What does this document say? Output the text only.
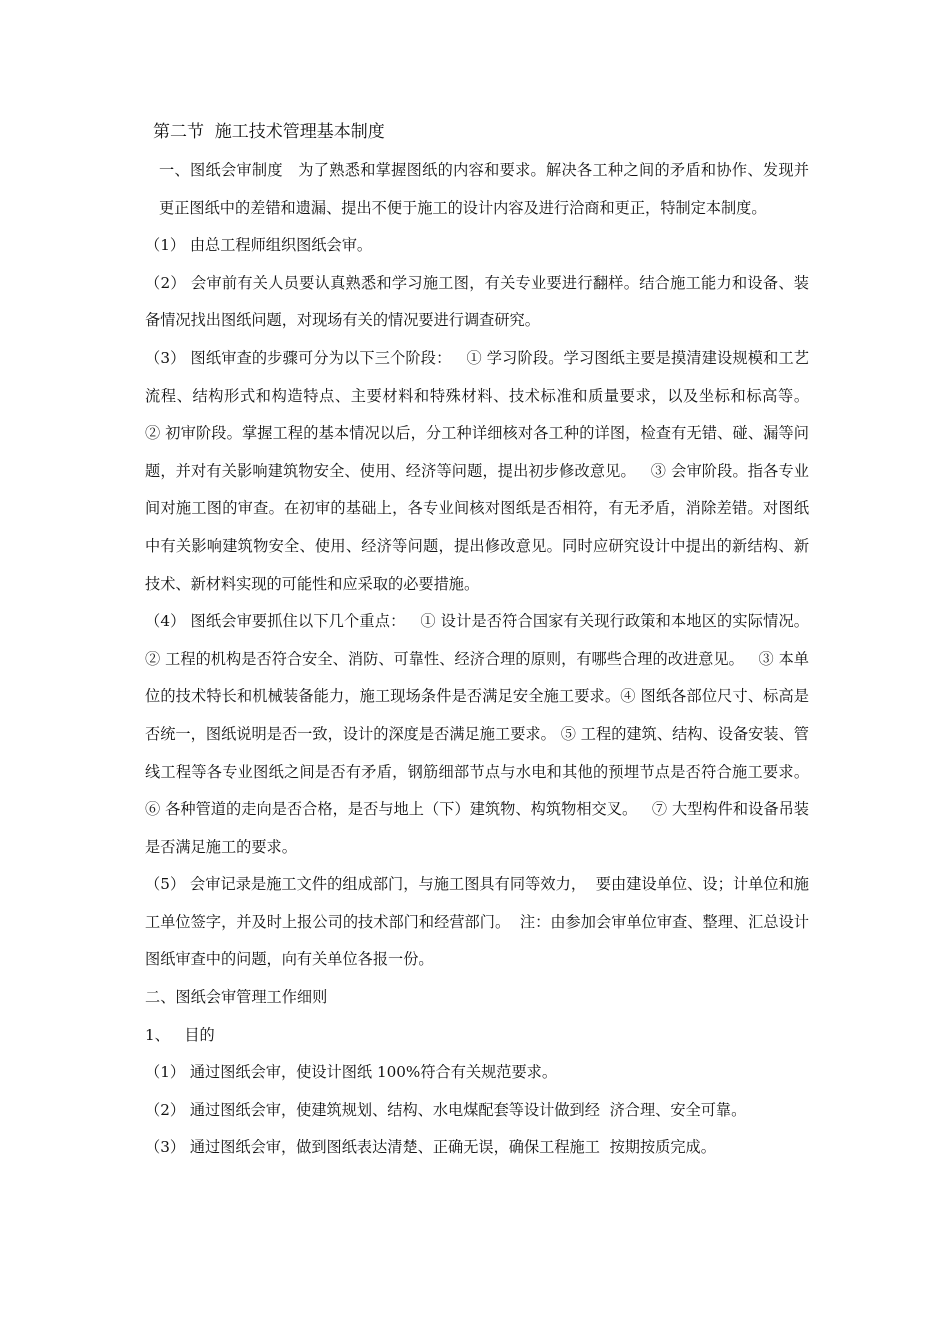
第二节  施工技术管理基本制度

一、图纸会审制度   为了熟悉和掌握图纸的内容和要求。解决各工种之间的矛盾和协作、发现并更正图纸中的差错和遗漏、提出不便于施工的设计内容及进行洽商和更正，特制定本制度。

（1） 由总工程师组织图纸会审。

（2） 会审前有关人员要认真熟悉和学习施工图，有关专业要进行翻样。结合施工能力和设备、装备情况找出图纸问题，对现场有关的情况要进行调查研究。

（3） 图纸审查的步骤可分为以下三个阶段：   ① 学习阶段。学习图纸主要是摸清建设规模和工艺流程、结构形式和构造特点、主要材料和特殊材料、技术标准和质量要求，以及坐标和标高等。   ② 初审阶段。掌握工程的基本情况以后，分工种详细核对各工种的详图，检查有无错、碰、漏等问题，并对有关影响建筑物安全、使用、经济等问题，提出初步修改意见。   ③ 会审阶段。指各专业间对施工图的审查。在初审的基础上，各专业间核对图纸是否相符，有无矛盾，消除差错。对图纸中有关影响建筑物安全、使用、经济等问题，提出修改意见。同时应研究设计中提出的新结构、新技术、新材料实现的可能性和应采取的必要措施。

（4） 图纸会审要抓住以下几个重点：   ① 设计是否符合国家有关现行政策和本地区的实际情况。 ② 工程的机构是否符合安全、消防、可靠性、经济合理的原则，有哪些合理的改进意见。   ③ 本单位的技术特长和机械装备能力，施工现场条件是否满足安全施工要求。④ 图纸各部位尺寸、标高是否统一，图纸说明是否一致，设计的深度是否满足施工要求。 ⑤ 工程的建筑、结构、设备安装、管线工程等各专业图纸之间是否有矛盾，钢筋细部节点与水电和其他的预埋节点是否符合施工要求。   ⑥ 各种管道的走向是否合格，是否与地上（下）建筑物、构筑物相交叉。   ⑦ 大型构件和设备吊装是否满足施工的要求。

（5） 会审记录是施工文件的组成部门，与施工图具有同等效力，  要由建设单位、设；计单位和施工单位签字，并及时上报公司的技术部门和经营部门。  注：由参加会审单位审查、整理、汇总设计图纸审查中的问题，向有关单位各报一份。

二、图纸会审管理工作细则

1、   目的

（1） 通过图纸会审，使设计图纸 100%符合有关规范要求。

（2） 通过图纸会审，使建筑规划、结构、水电煤配套等设计做到经  济合理、安全可靠。

（3） 通过图纸会审，做到图纸表达清楚、正确无误，确保工程施工  按期按质完成。
